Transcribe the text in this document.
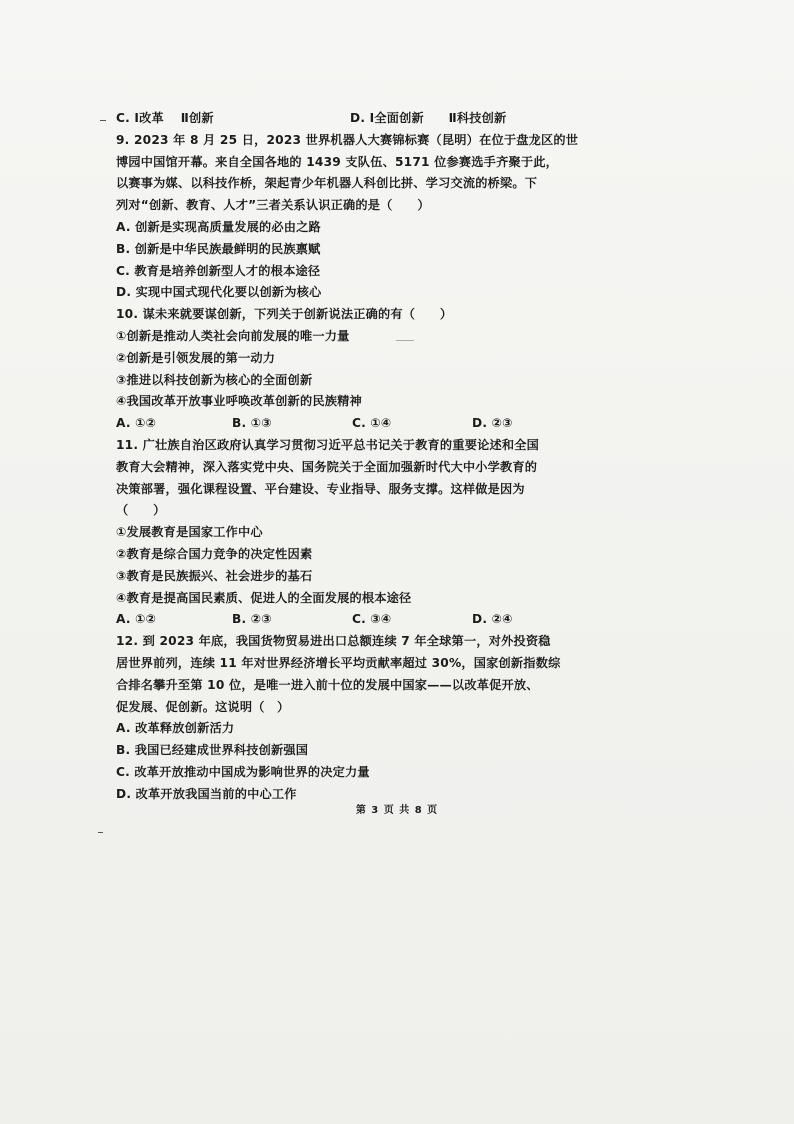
C. Ⅰ改革　 Ⅱ创新	D. Ⅰ全面创新　　Ⅱ科技创新
9. 2023 年 8 月 25 日，2023 世界机器人大赛锦标赛（昆明）在位于盘龙区的世
博园中国馆开幕。来自全国各地的 1439 支队伍、5171 位参赛选手齐聚于此，
以赛事为媒、以科技作桥，架起青少年机器人科创比拼、学习交流的桥梁。下
列对“创新、教育、人才”三者关系认识正确的是（　　）
A. 创新是实现高质量发展的必由之路
B. 创新是中华民族最鲜明的民族禀赋
C. 教育是培养创新型人才的根本途径
D. 实现中国式现代化要以创新为核心
10. 谋未来就要谋创新，下列关于创新说法正确的有（　　）
①创新是推动人类社会向前发展的唯一力量
②创新是引领发展的第一动力
③推进以科技创新为核心的全面创新
④我国改革开放事业呼唤改革创新的民族精神
A. ①②	B. ①③	C. ①④	D. ②③
11. 广壮族自治区政府认真学习贯彻习近平总书记关于教育的重要论述和全国
教育大会精神，深入落实党中央、国务院关于全面加强新时代大中小学教育的
决策部署，强化课程设置、平台建设、专业指导、服务支撑。这样做是因为
（　　）
①发展教育是国家工作中心
②教育是综合国力竞争的决定性因素
③教育是民族振兴、社会进步的基石
④教育是提高国民素质、促进人的全面发展的根本途径
A. ①②	B. ②③	C. ③④	D. ②④
12. 到 2023 年底，我国货物贸易进出口总额连续 7 年全球第一，对外投资稳
居世界前列，连续 11 年对世界经济增长平均贡献率超过 30%，国家创新指数综
合排名攀升至第 10 位，是唯一进入前十位的发展中国家——以改革促开放、
促发展、促创新。这说明（　）
A. 改革释放创新活力
B. 我国已经建成世界科技创新强国
C. 改革开放推动中国成为影响世界的决定力量
D. 改革开放我国当前的中心工作
第 3 页 共 8 页
